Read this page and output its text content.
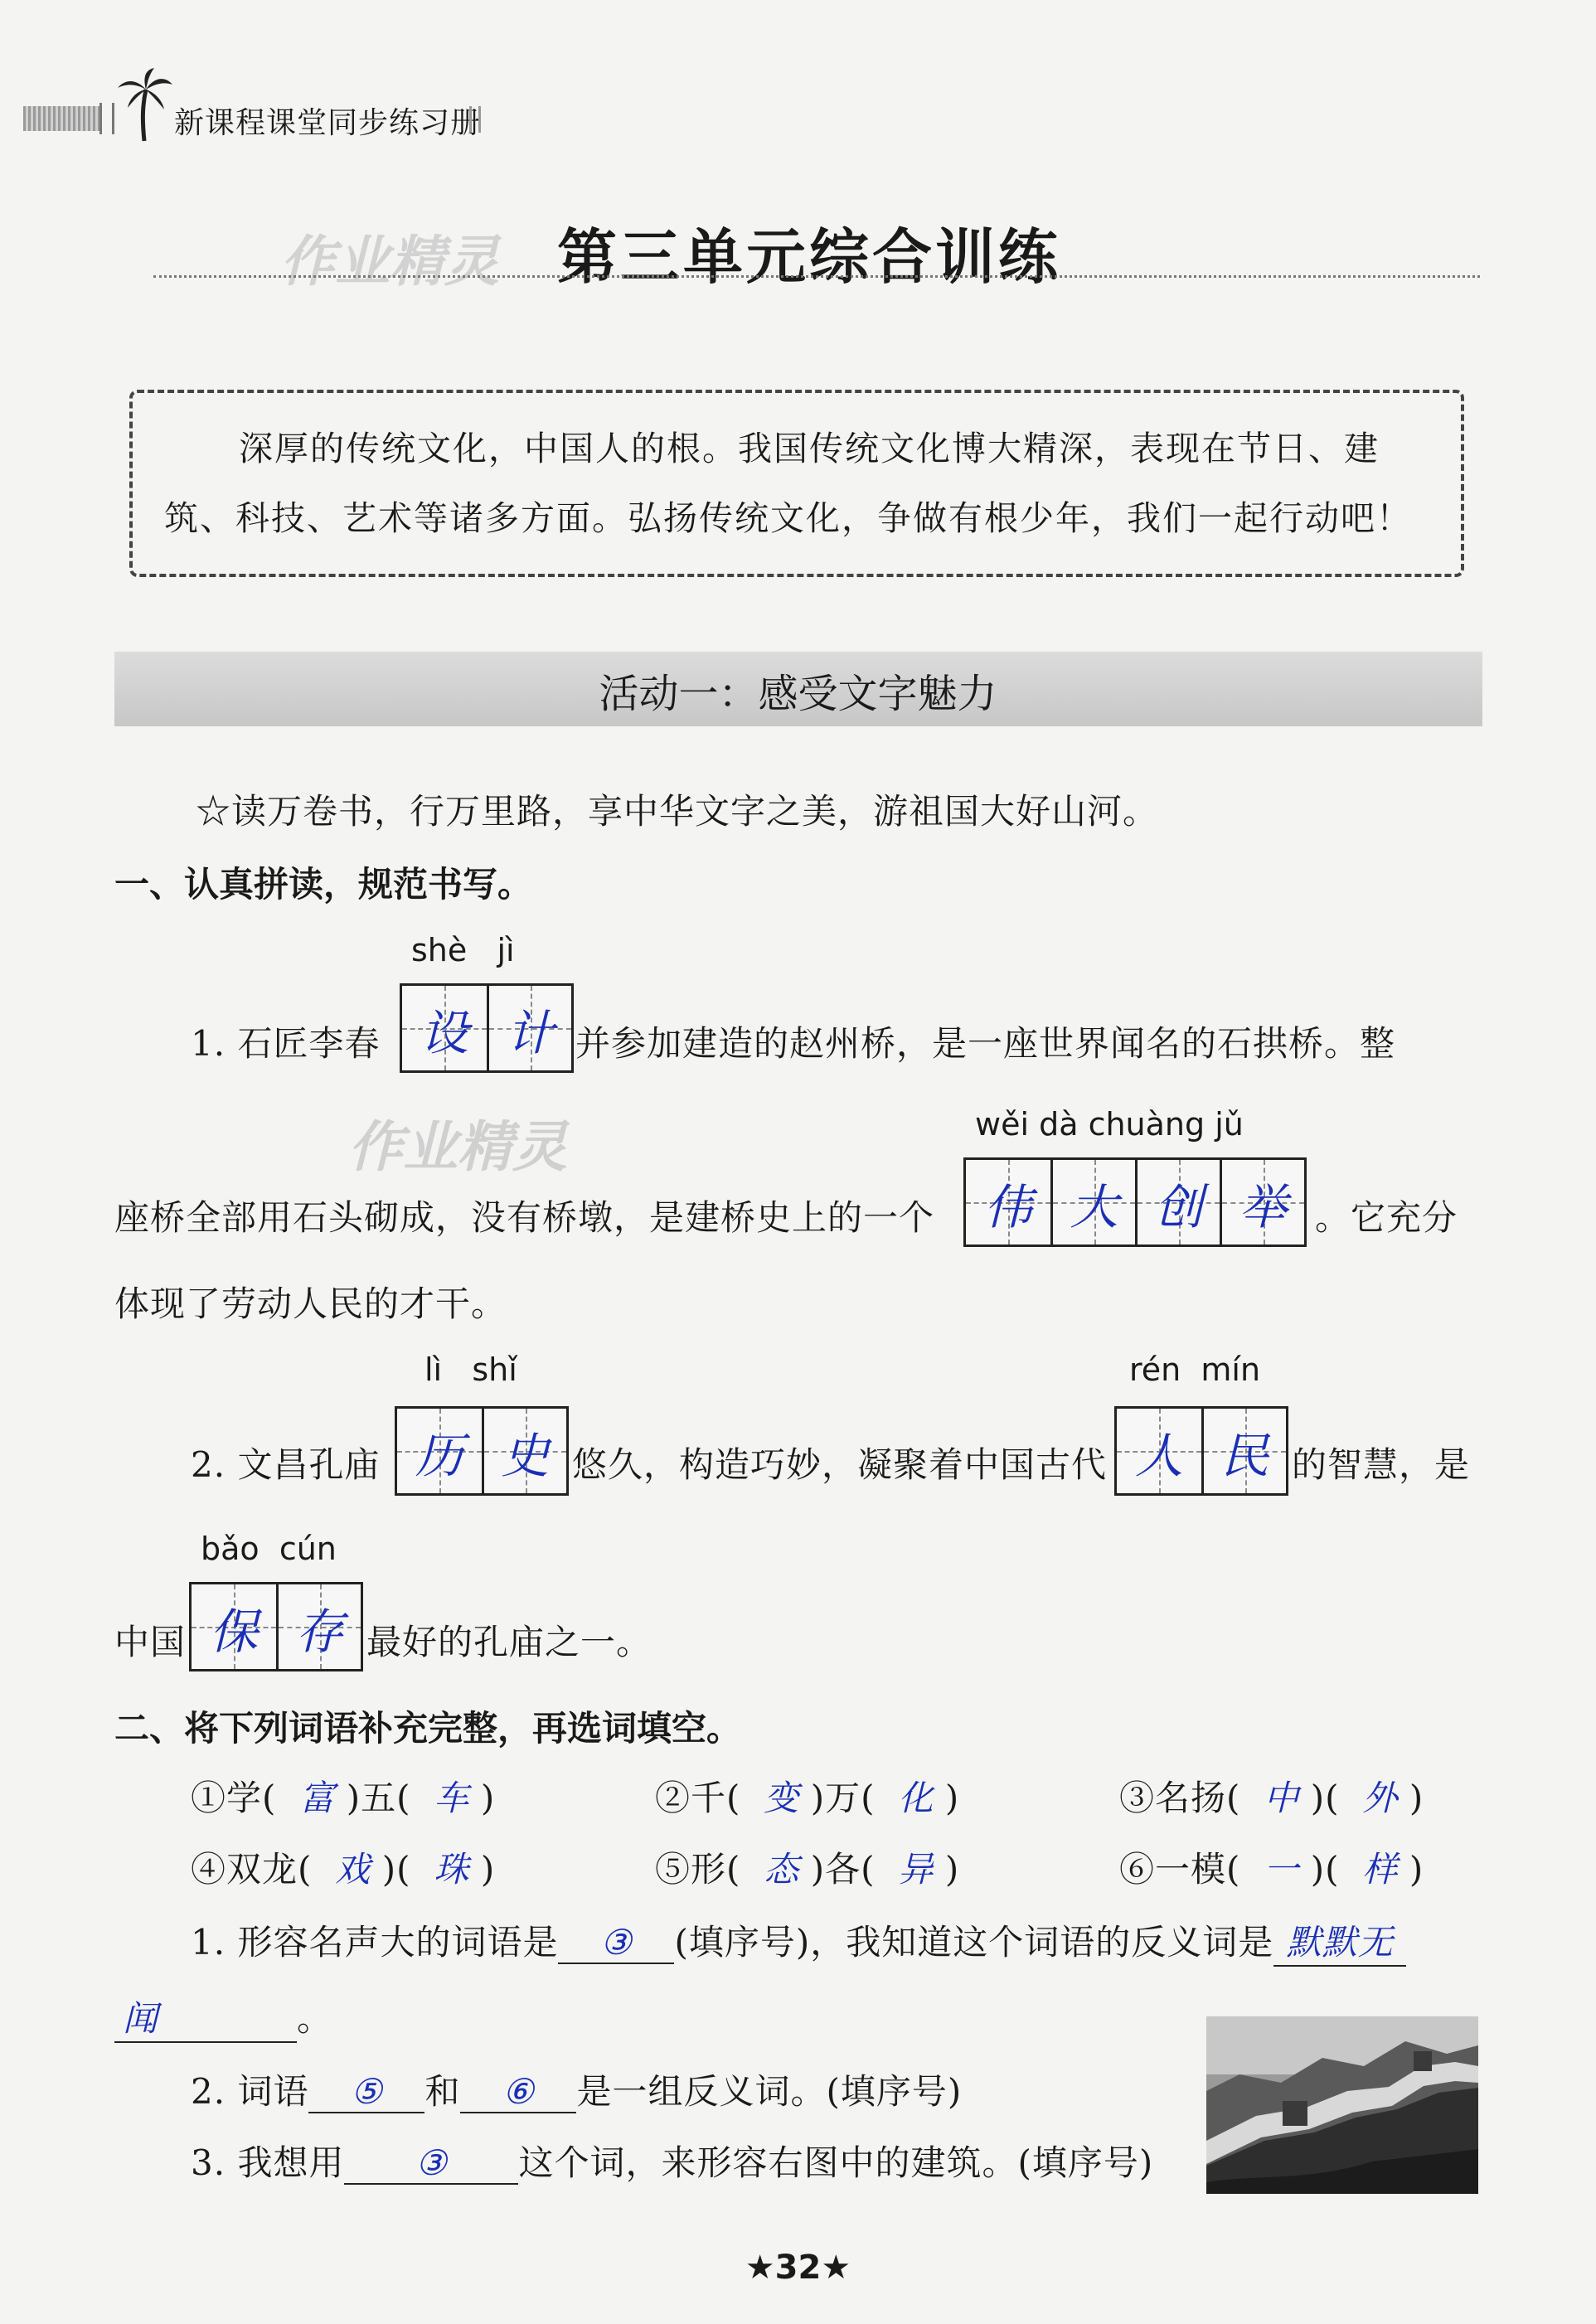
新课程课堂同步练习册
作业精灵 第三单元综合训练
深厚的传统文化，中国人的根。我国传统文化博大精深，表现在节日、建
筑、科技、艺术等诸多方面。弘扬传统文化，争做有根少年，我们一起行动吧！
活动一：感受文字魅力
☆读万卷书，行万里路，享中华文字之美，游祖国大好山河。
一、认真拼读，规范书写。
shè   jì
1. 石匠李春 设 计 并参加建造的赵州桥，是一座世界闻名的石拱桥。整
作业精灵	wěi dà chuàng jǔ
座桥全部用石头砌成，没有桥墩，是建桥史上的一个	伟 大 创 举 。它充分
体现了劳动人民的才干。
lì   shǐ	rén  mín
2. 文昌孔庙 历 史 悠久，构造巧妙，凝聚着中国古代 人 民 的智慧，是
bǎo  cún
中国 保 存 最好的孔庙之一。
二、将下列词语补充完整，再选词填空。
①学( 富 )五( 车 )	②千( 变 )万( 化 )	③名扬( 中 )( 外 )
④双龙( 戏 )( 珠 )	⑤形( 态 )各( 异 )	⑥一模( 一 )( 样 )
1. 形容名声大的词语是 ③ (填序号)，我知道这个词语的反义词是 默默无
闻	。
2. 词语 ⑤ 和 ⑥ 是一组反义词。(填序号)
3. 我想用 ③ 这个词，来形容右图中的建筑。(填序号)
★32★
